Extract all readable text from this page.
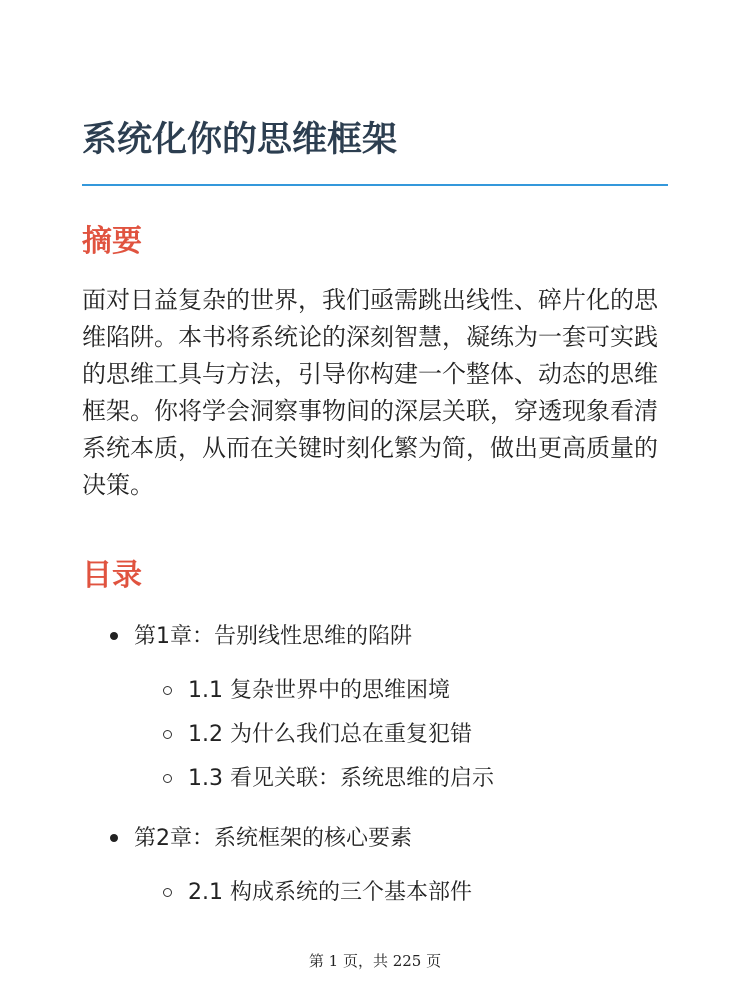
系统化你的思维框架
摘要

面对日益复杂的世界，我们亟需跳出线性、碎片化的思维陷阱。本书将系统论的深刻智慧，凝练为一套可实践的思维工具与方法，引导你构建一个整体、动态的思维框架。你将学会洞察事物间的深层关联，穿透现象看清系统本质，从而在关键时刻化繁为简，做出更高质量的决策。

目录
第1章：告别线性思维的陷阱
1.1 复杂世界中的思维困境
1.2 为什么我们总在重复犯错
1.3 看见关联：系统思维的启示
第2章：系统框架的核心要素
2.1 构成系统的三个基本部件
第 1 页，共 225 页
